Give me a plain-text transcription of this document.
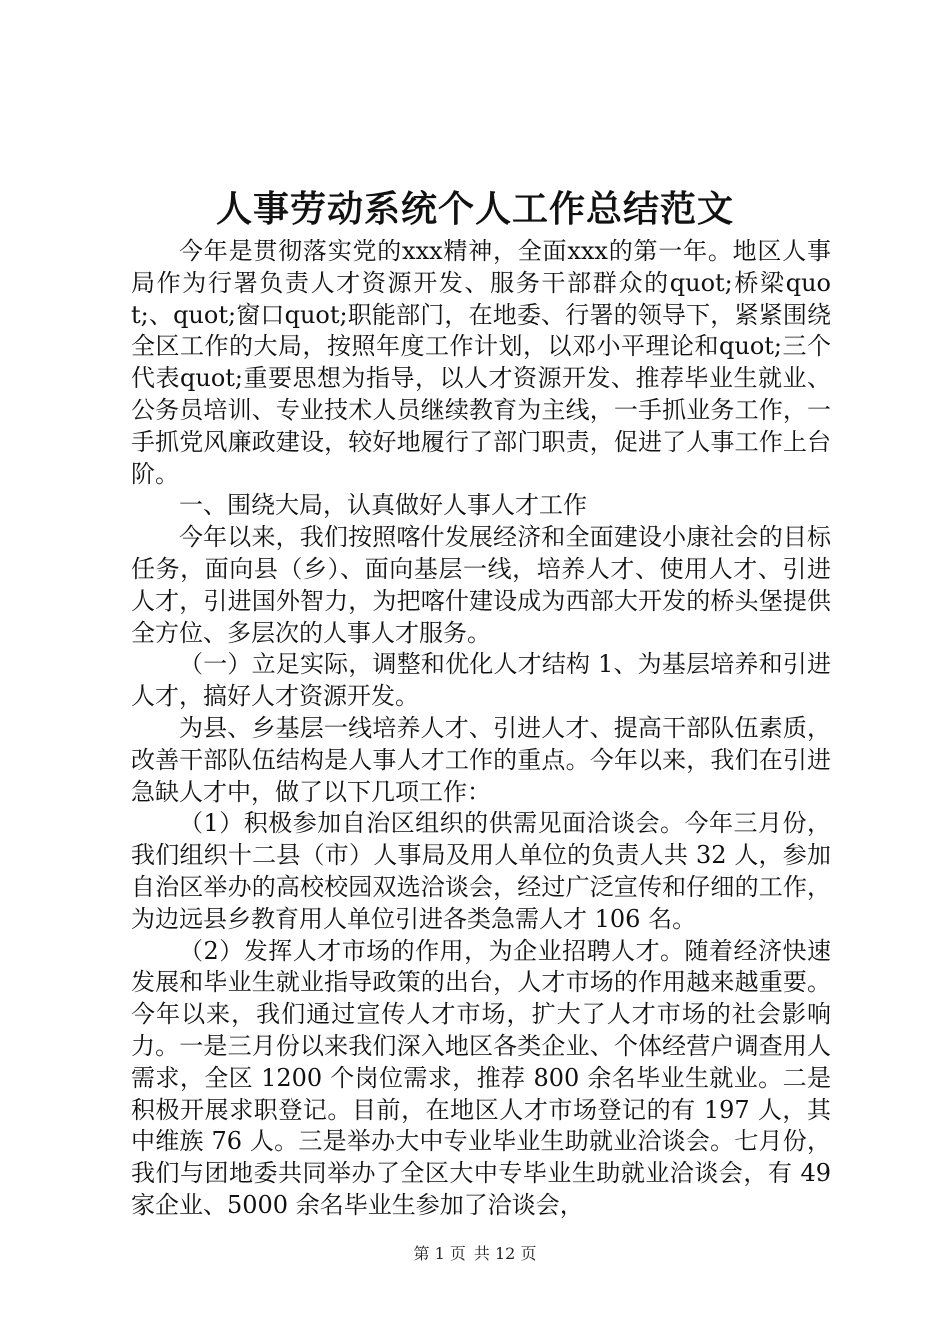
人事劳动系统个人工作总结范文

今年是贯彻落实党的xxx精神，全面xxx的第一年。地区人事局作为行署负责人才资源开发、服务干部群众的quot;桥梁quot;、quot;窗口quot;职能部门，在地委、行署的领导下，紧紧围绕全区工作的大局，按照年度工作计划，以邓小平理论和quot;三个代表quot;重要思想为指导，以人才资源开发、推荐毕业生就业、公务员培训、专业技术人员继续教育为主线，一手抓业务工作，一手抓党风廉政建设，较好地履行了部门职责，促进了人事工作上台阶。

一、围绕大局，认真做好人事人才工作

今年以来，我们按照喀什发展经济和全面建设小康社会的目标任务，面向县（乡）、面向基层一线，培养人才、使用人才、引进人才，引进国外智力，为把喀什建设成为西部大开发的桥头堡提供全方位、多层次的人事人才服务。

（一）立足实际，调整和优化人才结构 1、为基层培养和引进人才，搞好人才资源开发。

为县、乡基层一线培养人才、引进人才、提高干部队伍素质，改善干部队伍结构是人事人才工作的重点。今年以来，我们在引进急缺人才中，做了以下几项工作：

（1）积极参加自治区组织的供需见面洽谈会。今年三月份，我们组织十二县（市）人事局及用人单位的负责人共 32 人，参加自治区举办的高校校园双选洽谈会，经过广泛宣传和仔细的工作，为边远县乡教育用人单位引进各类急需人才 106 名。

（2）发挥人才市场的作用，为企业招聘人才。随着经济快速发展和毕业生就业指导政策的出台，人才市场的作用越来越重要。今年以来，我们通过宣传人才市场，扩大了人才市场的社会影响力。一是三月份以来我们深入地区各类企业、个体经营户调查用人需求，全区 1200 个岗位需求，推荐 800 余名毕业生就业。二是积极开展求职登记。目前，在地区人才市场登记的有 197 人，其中维族 76 人。三是举办大中专业毕业生助就业洽谈会。七月份，我们与团地委共同举办了全区大中专毕业生助就业洽谈会，有 49 家企业、5000 余名毕业生参加了洽谈会，

第 1 页 共 12 页
